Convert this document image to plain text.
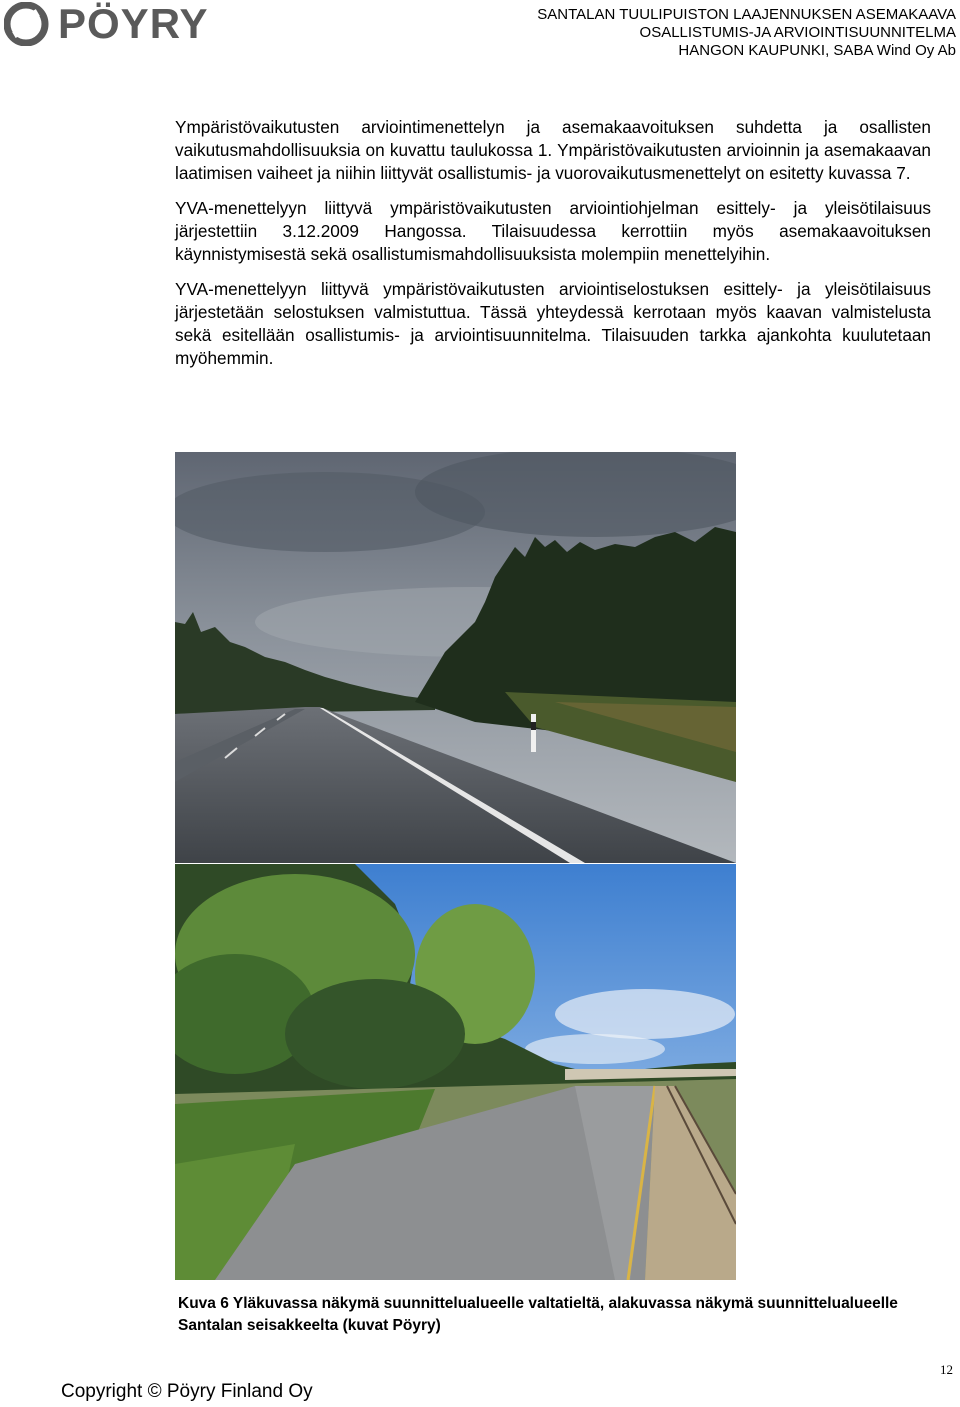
PÖYRY	SANTALAN TUULIPUISTON LAAJENNUKSEN ASEMAKAAVA
OSALLISTUMIS-JA ARVIOINTISUUNNITELMA
HANGON KAUPUNKI, SABA Wind Oy Ab

Ympäristövaikutusten arviointimenettelyn ja asemakaavoituksen suhdetta ja osallisten vaikutusmahdollisuuksia on kuvattu taulukossa 1. Ympäristövaikutusten arvioinnin ja asemakaavan laatimisen vaiheet ja niihin liittyvät osallistumis- ja vuorovaikutusmenettelyt on esitetty kuvassa 7.

YVA-menettelyyn liittyvä ympäristövaikutusten arviointiohjelman esittely- ja yleisötilaisuus järjestettiin 3.12.2009 Hangossa. Tilaisuudessa kerrottiin myös asemakaavoituksen käynnistymisestä sekä osallistumismahdollisuuksista molempiin menettelyihin.

YVA-menettelyyn liittyvä ympäristövaikutusten arviointiselostuksen esittely- ja yleisötilaisuus järjestetään selostuksen valmistuttua. Tässä yhteydessä kerrotaan myös kaavan valmistelusta sekä esitellään osallistumis- ja arviointisuunnitelma. Tilaisuuden tarkka ajankohta kuulutetaan myöhemmin.

Kuva 6 Yläkuvassa näkymä suunnittelualueelle valtatieltä, alakuvassa näkymä suunnittelualueelle Santalan seisakkeelta (kuvat Pöyry)
12
Copyright © Pöyry Finland Oy
